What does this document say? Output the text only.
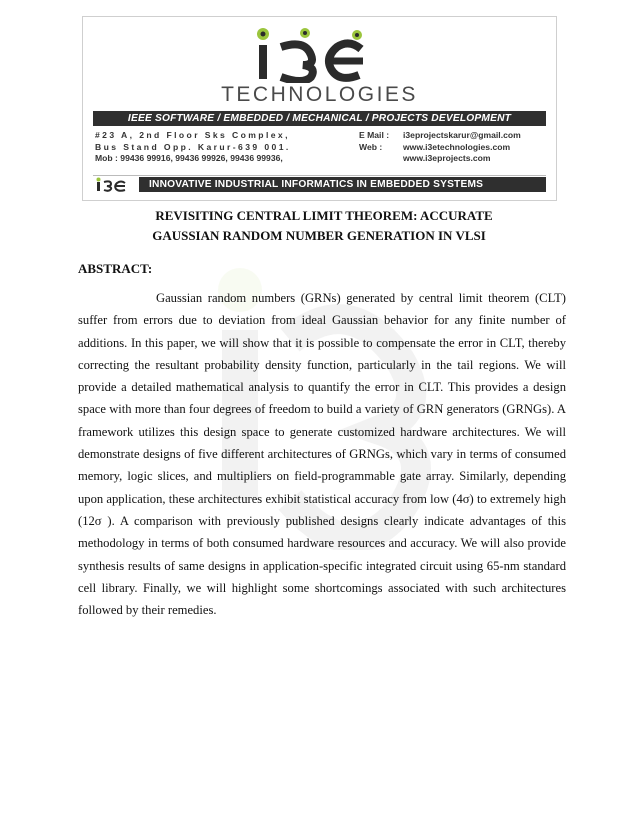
TECHNOLOGIES
IEEE SOFTWARE / EMBEDDED / MECHANICAL / PROJECTS DEVELOPMENT
#23 A, 2nd Floor Sks Complex,
Bus Stand Opp. Karur-639 001.
Mob : 99436 99916, 99436 99926, 99436 99936,
E Mail : i3eprojectskarur@gmail.com
Web : www.i3etechnologies.com
www.i3eprojects.com
INNOVATIVE INDUSTRIAL INFORMATICS IN EMBEDDED SYSTEMS
REVISITING CENTRAL LIMIT THEOREM: ACCURATE
GAUSSIAN RANDOM NUMBER GENERATION IN VLSI
ABSTRACT:

Gaussian random numbers (GRNs) generated by central limit theorem (CLT) suffer from errors due to deviation from ideal Gaussian behavior for any finite number of additions. In this paper, we will show that it is possible to compensate the error in CLT, thereby correcting the resultant probability density function, particularly in the tail regions. We will provide a detailed mathematical analysis to quantify the error in CLT. This provides a design space with more than four degrees of freedom to build a variety of GRN generators (GRNGs). A framework utilizes this design space to generate customized hardware architectures. We will demonstrate designs of five different architectures of GRNGs, which vary in terms of consumed memory, logic slices, and multipliers on field-programmable gate array. Similarly, depending upon application, these architectures exhibit statistical accuracy from low (4σ) to extremely high (12σ ). A comparison with previously published designs clearly indicate advantages of this methodology in terms of both consumed hardware resources and accuracy. We will also provide synthesis results of same designs in application-specific integrated circuit using 65-nm standard cell library. Finally, we will highlight some shortcomings associated with such architectures followed by their remedies.
